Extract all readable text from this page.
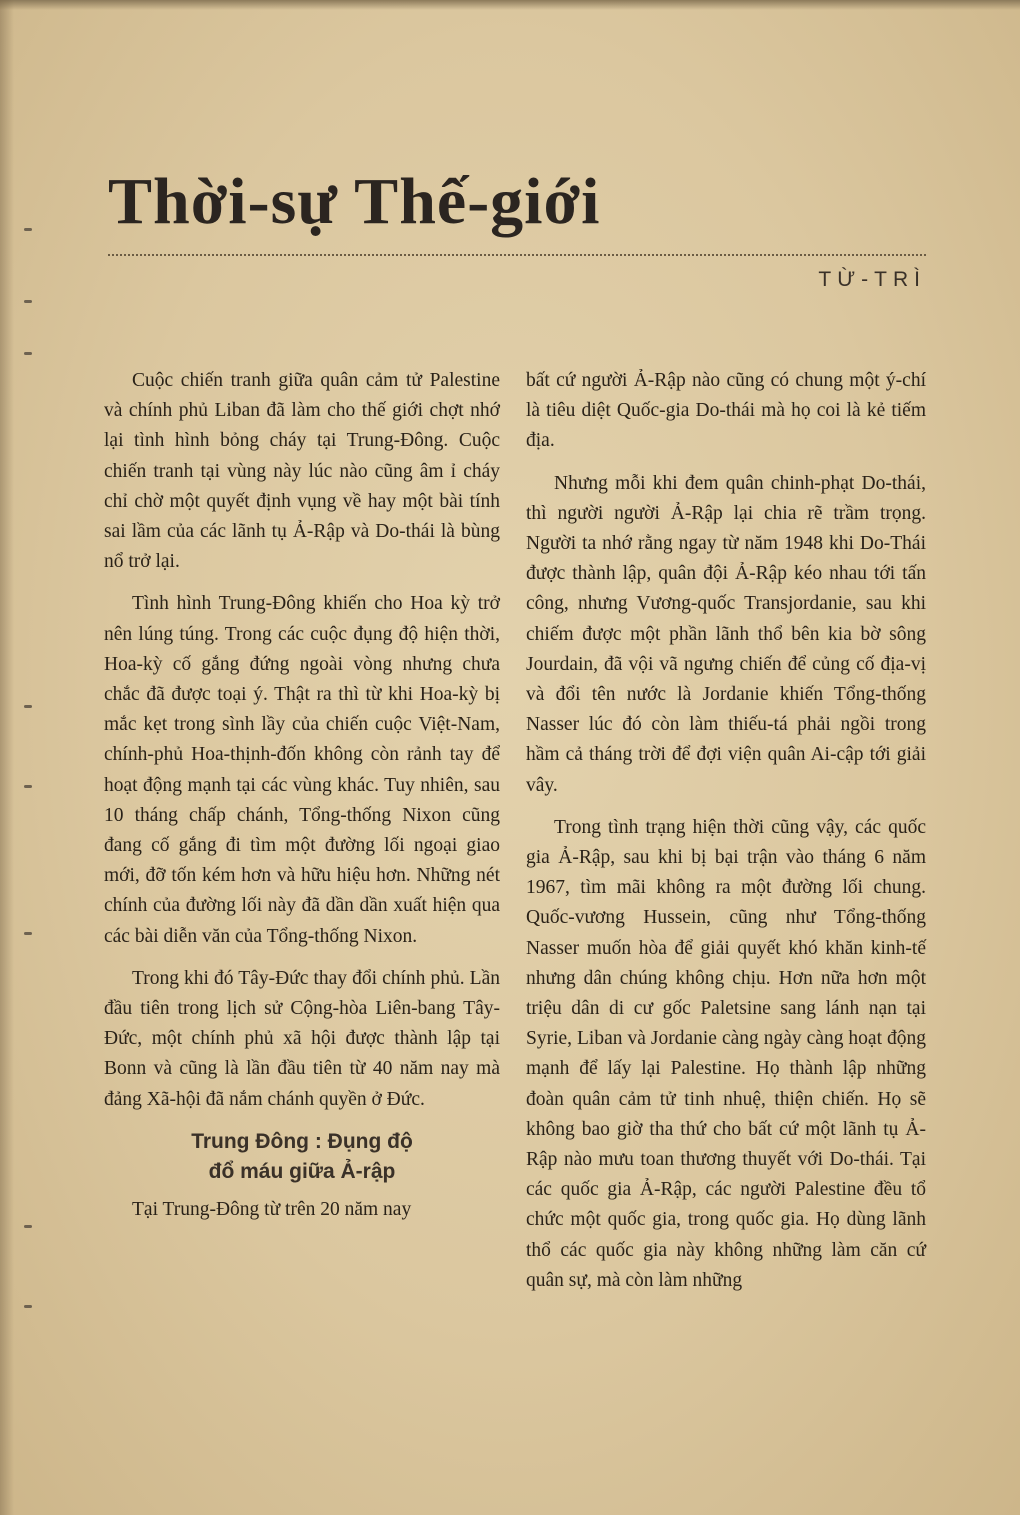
Thời-sự Thế-giới
TỪ-TRÌ

Cuộc chiến tranh giữa quân cảm tử Palestine và chính phủ Liban đã làm cho thế giới chợt nhớ lại tình hình bỏng cháy tại Trung-Đông. Cuộc chiến tranh tại vùng này lúc nào cũng âm ỉ cháy chỉ chờ một quyết định vụng về hay một bài tính sai lầm của các lãnh tụ Ả-Rập và Do-thái là bùng nổ trở lại.

Tình hình Trung-Đông khiến cho Hoa kỳ trở nên lúng túng. Trong các cuộc đụng độ hiện thời, Hoa-kỳ cố gắng đứng ngoài vòng nhưng chưa chắc đã được toại ý. Thật ra thì từ khi Hoa-kỳ bị mắc kẹt trong sình lầy của chiến cuộc Việt-Nam, chính-phủ Hoa-thịnh-đốn không còn rảnh tay để hoạt động mạnh tại các vùng khác. Tuy nhiên, sau 10 tháng chấp chánh, Tổng-thống Nixon cũng đang cố gắng đi tìm một đường lối ngoại giao mới, đỡ tốn kém hơn và hữu hiệu hơn. Những nét chính của đường lối này đã dần dần xuất hiện qua các bài diễn văn của Tổng-thống Nixon.

Trong khi đó Tây-Đức thay đổi chính phủ. Lần đầu tiên trong lịch sử Cộng-hòa Liên-bang Tây-Đức, một chính phủ xã hội được thành lập tại Bonn và cũng là lần đầu tiên từ 40 năm nay mà đảng Xã-hội đã nắm chánh quyền ở Đức.

Trung Đông : Đụng độ
đổ máu giữa Ả-rập

Tại Trung-Đông từ trên 20 năm nay

bất cứ người Ả-Rập nào cũng có chung một ý-chí là tiêu diệt Quốc-gia Do-thái mà họ coi là kẻ tiếm địa.

Nhưng mỗi khi đem quân chinh-phạt Do-thái, thì người người Ả-Rập lại chia rẽ trầm trọng. Người ta nhớ rằng ngay từ năm 1948 khi Do-Thái được thành lập, quân đội Ả-Rập kéo nhau tới tấn công, nhưng Vương-quốc Transjordanie, sau khi chiếm được một phần lãnh thổ bên kia bờ sông Jourdain, đã vội vã ngưng chiến để củng cố địa-vị và đổi tên nước là Jordanie khiến Tổng-thống Nasser lúc đó còn làm thiếu-tá phải ngồi trong hầm cả tháng trời để đợi viện quân Ai-cập tới giải vây.

Trong tình trạng hiện thời cũng vậy, các quốc gia Ả-Rập, sau khi bị bại trận vào tháng 6 năm 1967, tìm mãi không ra một đường lối chung. Quốc-vương Hussein, cũng như Tổng-thống Nasser muốn hòa để giải quyết khó khăn kinh-tế nhưng dân chúng không chịu. Hơn nữa hơn một triệu dân di cư gốc Paletsine sang lánh nạn tại Syrie, Liban và Jordanie càng ngày càng hoạt động mạnh để lấy lại Palestine. Họ thành lập những đoàn quân cảm tử tinh nhuệ, thiện chiến. Họ sẽ không bao giờ tha thứ cho bất cứ một lãnh tụ Ả-Rập nào mưu toan thương thuyết với Do-thái. Tại các quốc gia Ả-Rập, các người Palestine đều tổ chức một quốc gia, trong quốc gia. Họ dùng lãnh thổ các quốc gia này không những làm căn cứ quân sự, mà còn làm những
